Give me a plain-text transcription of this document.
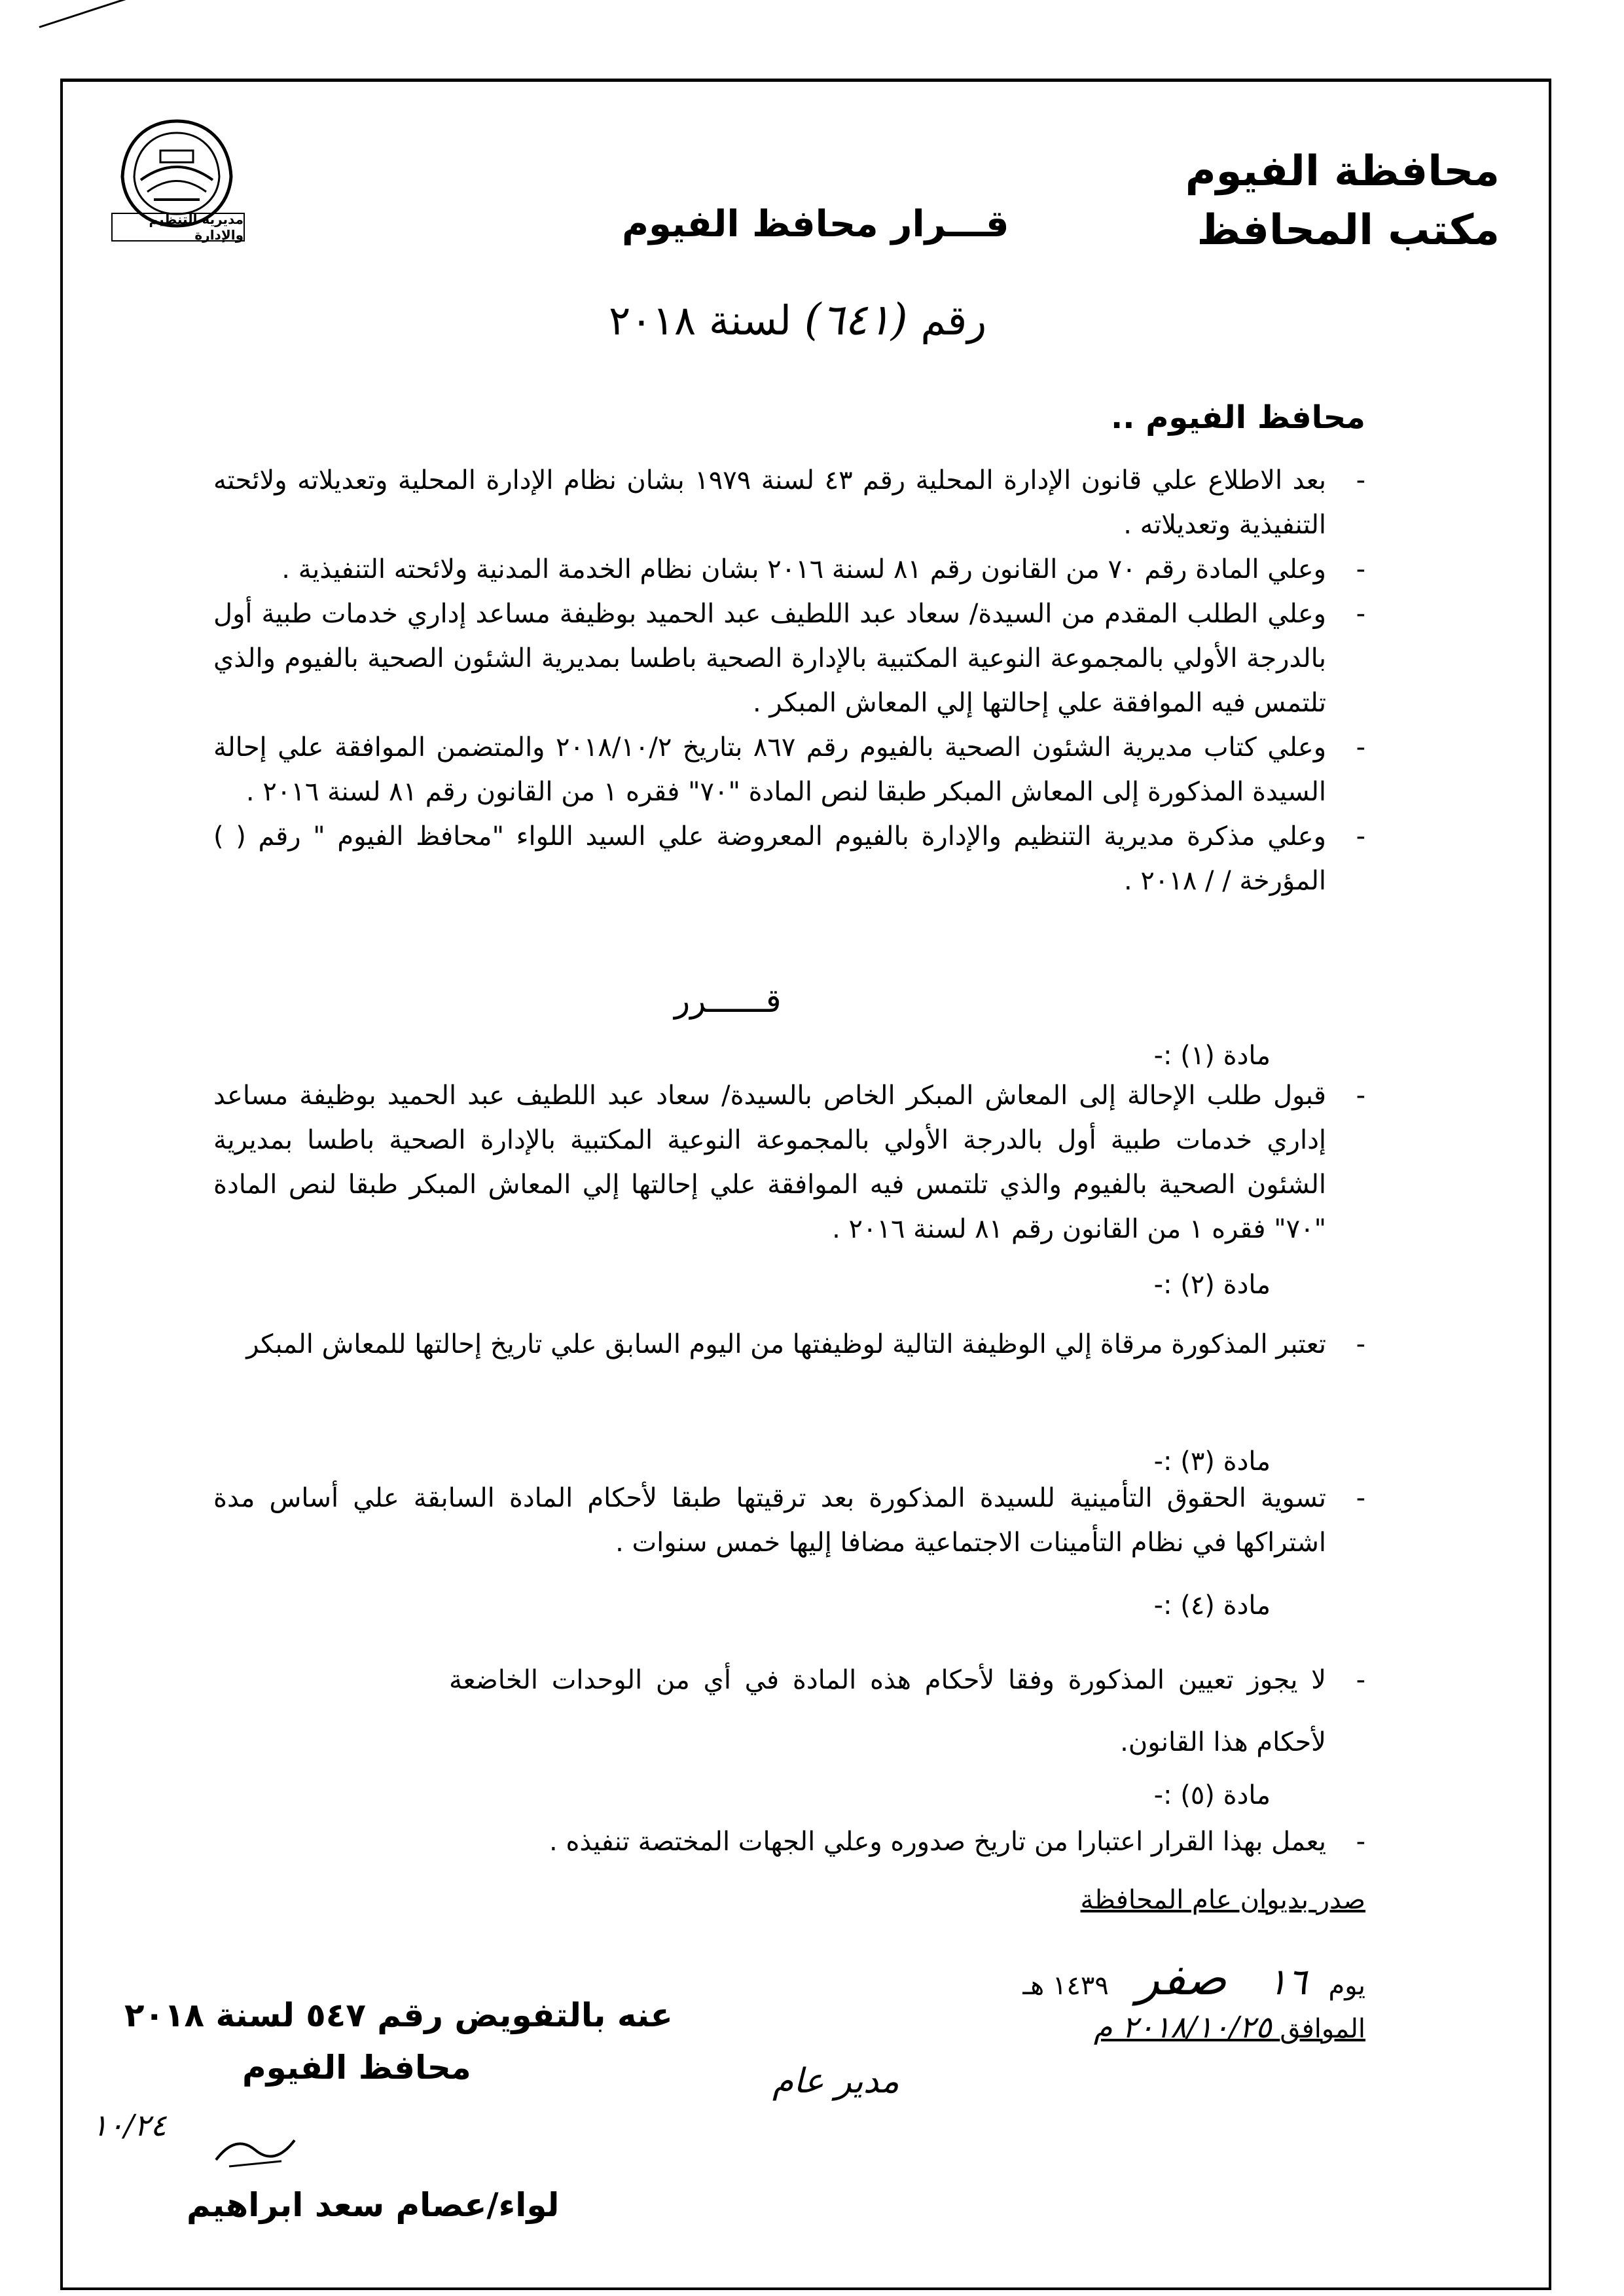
مديرية التنظيم والإدارة
محافظة الفيوم
مكتب المحافظ
قـــرار محافظ الفيوم
رقم (٦٤١) لسنة ٢٠١٨
محافظ الفيوم ..

-
بعد الاطلاع علي قانون الإدارة المحلية رقم ٤٣ لسنة ١٩٧٩ بشان نظام الإدارة المحلية وتعديلاته ولائحته التنفيذية وتعديلاته .

-
وعلي المادة رقم ٧٠ من القانون رقم ٨١ لسنة ٢٠١٦ بشان نظام الخدمة المدنية ولائحته التنفيذية .

-
وعلي الطلب المقدم من السيدة/ سعاد عبد اللطيف عبد الحميد بوظيفة مساعد إداري خدمات طبية أول بالدرجة الأولي بالمجموعة النوعية المكتبية بالإدارة الصحية باطسا بمديرية الشئون الصحية بالفيوم والذي تلتمس فيه الموافقة علي إحالتها إلي المعاش المبكر .

-
وعلي كتاب مديرية الشئون الصحية بالفيوم رقم ٨٦٧ بتاريخ ٢٠١٨/١٠/٢ والمتضمن الموافقة علي إحالة السيدة المذكورة إلى المعاش المبكر طبقا لنص المادة "٧٠" فقره ١ من القانون رقم ٨١ لسنة ٢٠١٦ .

-
وعلي مذكرة مديرية التنظيم والإدارة بالفيوم المعروضة علي السيد اللواء "محافظ الفيوم " رقم ( ) المؤرخة / / ٢٠١٨ .

قــــــرر
مادة (١) :-

-
قبول طلب الإحالة إلى المعاش المبكر الخاص بالسيدة/ سعاد عبد اللطيف عبد الحميد بوظيفة مساعد إداري خدمات طبية أول بالدرجة الأولي بالمجموعة النوعية المكتبية بالإدارة الصحية باطسا بمديرية الشئون الصحية بالفيوم والذي تلتمس فيه الموافقة علي إحالتها إلي المعاش المبكر طبقا لنص المادة "٧٠" فقره ١ من القانون رقم ٨١ لسنة ٢٠١٦ .

مادة (٢) :-

-
تعتبر المذكورة مرقاة إلي الوظيفة التالية لوظيفتها من اليوم السابق علي تاريخ إحالتها للمعاش المبكر

مادة (٣) :-

-
تسوية الحقوق التأمينية للسيدة المذكورة بعد ترقيتها طبقا لأحكام المادة السابقة علي أساس مدة اشتراكها في نظام التأمينات الاجتماعية مضافا إليها خمس سنوات .

مادة (٤) :-

-
لا يجوز تعيين المذكورة وفقا لأحكام هذه المادة في أي من الوحدات الخاضعة لأحكام هذا القانون.

مادة (٥) :-

-
يعمل بهذا القرار اعتبارا من تاريخ صدوره وعلي الجهات المختصة تنفيذه .

صدر بديوان عام المحافظة
يوم ١٦ صفر ١٤٣٩ هـ
الموافق ٢٠١٨/١٠/٢٥ م
عنه بالتفويض رقم ٥٤٧ لسنة ٢٠١٨
محافظ الفيوم	مدير عام
١٠/٢٤
لواء/عصام سعد ابراهيم
